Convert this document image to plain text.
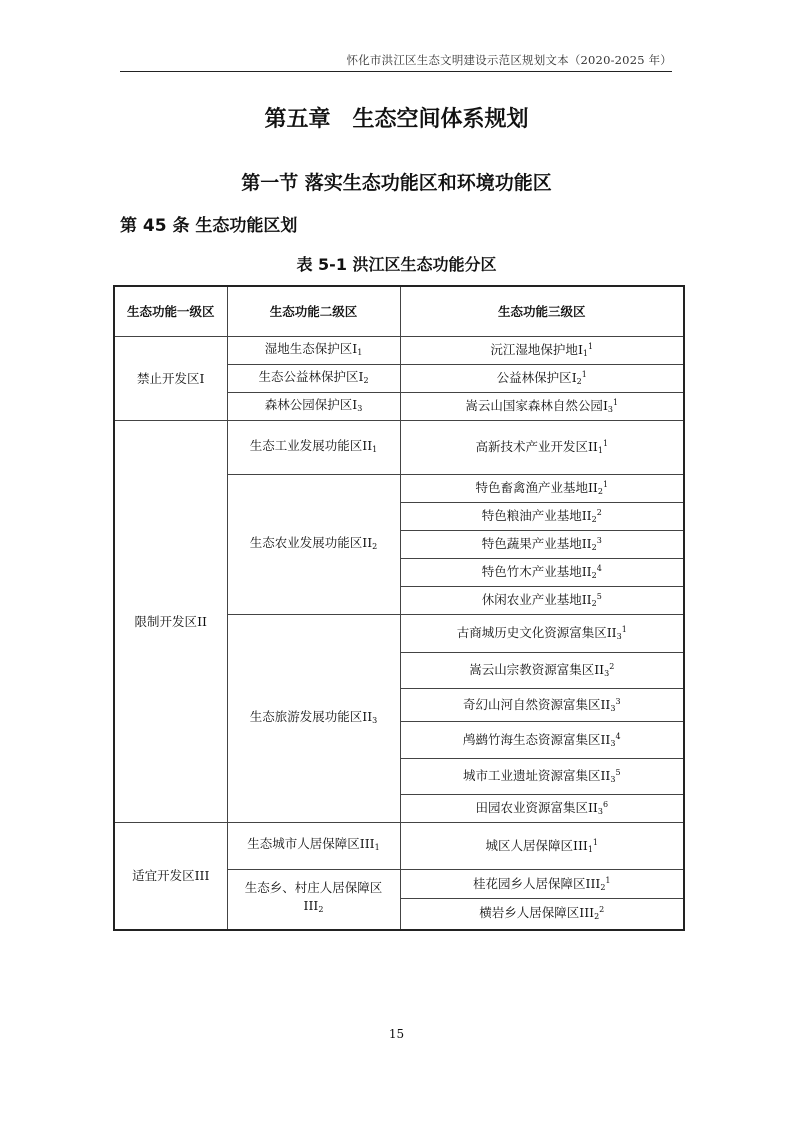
怀化市洪江区生态文明建设示范区规划文本（2020-2025 年）
第五章　生态空间体系规划
第一节 落实生态功能区和环境功能区
第 45 条 生态功能区划
表 5-1 洪江区生态功能分区
生态功能一级区	生态功能二级区	生态功能三级区
禁止开发区I	湿地生态保护区$I_1$	沅江湿地保护地$I_1^1$
	生态公益林保护区$I_2$	公益林保护区$I_2^1$
	森林公园保护区$I_3$	嵩云山国家森林自然公园$I_3^1$
限制开发区II	生态工业发展功能区$II_1$	高新技术产业开发区$II_1^1$
	生态农业发展功能区$II_2$	特色畜禽渔产业基地$II_2^1$
		特色粮油产业基地$II_2^2$
		特色蔬果产业基地$II_2^3$
		特色竹木产业基地$II_2^4$
		休闲农业产业基地$II_2^5$
	生态旅游发展功能区$II_3$	古商城历史文化资源富集区$II_3^1$
		嵩云山宗教资源富集区$II_3^2$
		奇幻山河自然资源富集区$II_3^3$
		鸬鹚竹海生态资源富集区$II_3^4$
		城市工业遗址资源富集区$II_3^5$
		田园农业资源富集区$II_3^6$
适宜开发区III	生态城市人居保障区$III_1$	城区人居保障区$III_1^1$
	生态乡、村庄人居保障区$III_2$	桂花园乡人居保障区$III_2^1$
		横岩乡人居保障区$III_2^2$
15
